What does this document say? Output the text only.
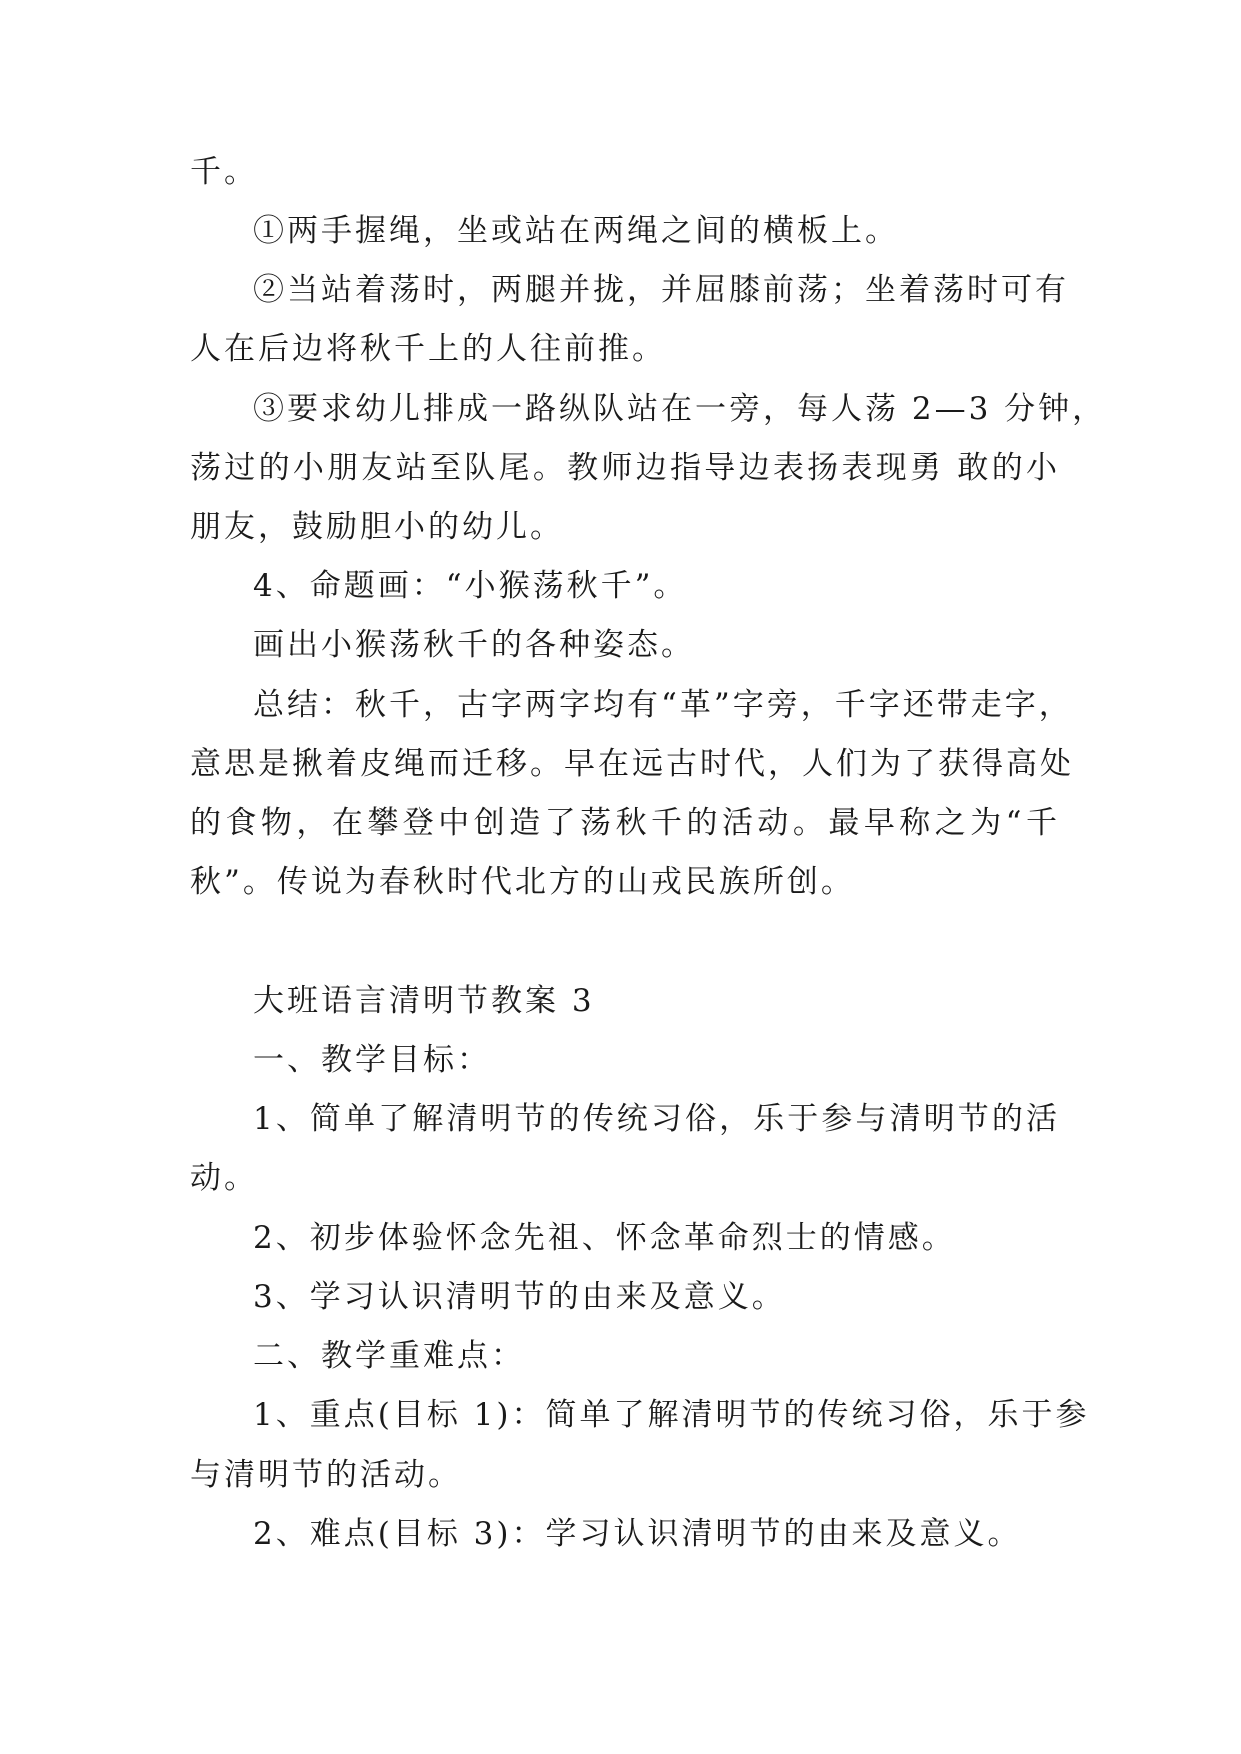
千。
①两手握绳，坐或站在两绳之间的横板上。
②当站着荡时，两腿并拢，并屈膝前荡；坐着荡时可有
人在后边将秋千上的人往前推。
③要求幼儿排成一路纵队站在一旁，每人荡 2—3 分钟，
荡过的小朋友站至队尾。教师边指导边表扬表现勇 敢的小
朋友，鼓励胆小的幼儿。
4、命题画：“小猴荡秋千”。
画出小猴荡秋千的各种姿态。
总结：秋千，古字两字均有“革”字旁，千字还带走字，
意思是揪着皮绳而迁移。早在远古时代，人们为了获得高处
的食物，在攀登中创造了荡秋千的活动。最早称之为“千
秋”。传说为春秋时代北方的山戎民族所创。
大班语言清明节教案 3
一、教学目标：
1、简单了解清明节的传统习俗，乐于参与清明节的活
动。
2、初步体验怀念先祖、怀念革命烈士的情感。
3、学习认识清明节的由来及意义。
二、教学重难点：
1、重点(目标 1)：简单了解清明节的传统习俗，乐于参
与清明节的活动。
2、难点(目标 3)：学习认识清明节的由来及意义。
